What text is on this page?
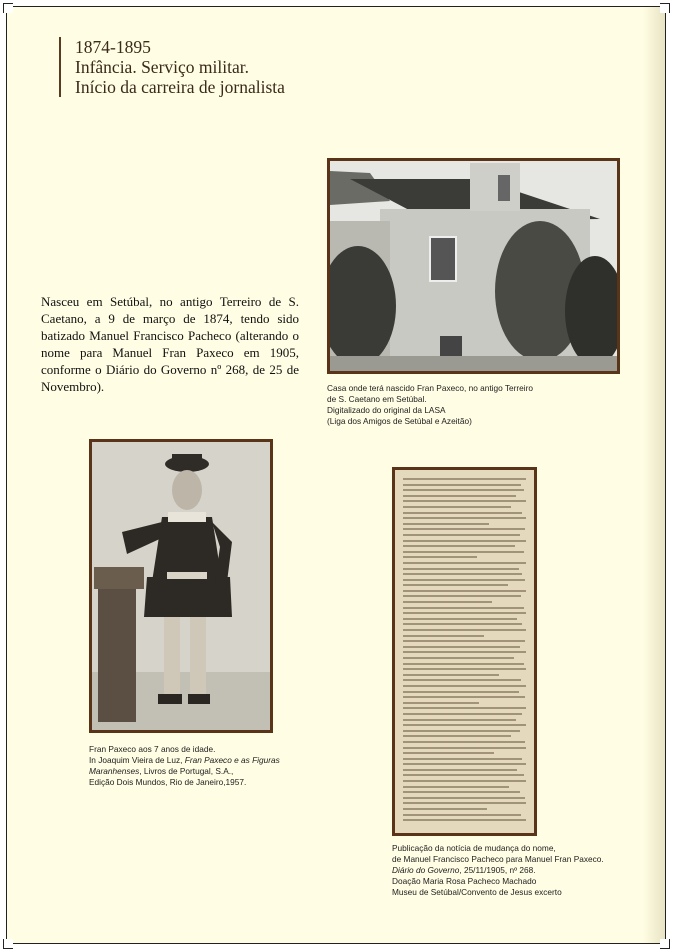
1874-1895
Infância. Serviço militar.
Início da carreira de jornalista
Nasceu em Setúbal, no antigo Terreiro de S. Caetano, a 9 de março de 1874, tendo sido batizado Manuel Francisco Pacheco (alterando o nome para Manuel Fran Paxeco em 1905, conforme o Diário do Governo nº 268, de 25 de Novembro).	Casa onde terá nascido Fran Paxeco, no antigo Terreiro
de S. Caetano em Setúbal.
Digitalizado do original da LASA
(Liga dos Amigos de Setúbal e Azeitão)
Fran Paxeco aos 7 anos de idade.
In Joaquim Vieira de Luz, Fran Paxeco e as Figuras
Maranhenses, Livros de Portugal, S.A.,
Edição Dois Mundos, Rio de Janeiro,1957.
Publicação da notícia de mudança do nome,
de Manuel Francisco Pacheco para Manuel Fran Paxeco.
Diário do Governo, 25/11/1905, nº 268.
Doação Maria Rosa Pacheco Machado
Museu de Setúbal/Convento de Jesus excerto
